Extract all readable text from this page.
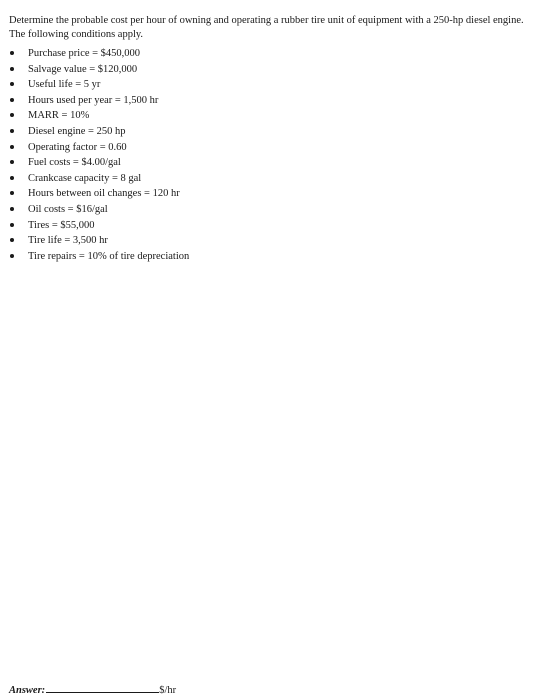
Determine the probable cost per hour of owning and operating a rubber tire unit of equipment with a 250-hp diesel engine. The following conditions apply.

Purchase price = $450,000
Salvage value = $120,000
Useful life = 5 yr
Hours used per year = 1,500 hr
MARR = 10%
Diesel engine = 250 hp
Operating factor = 0.60
Fuel costs = $4.00/gal
Crankcase capacity = 8 gal
Hours between oil changes = 120 hr
Oil costs = $16/gal
Tires = $55,000
Tire life = 3,500 hr
Tire repairs = 10% of tire depreciation
Answer:	$/hr
